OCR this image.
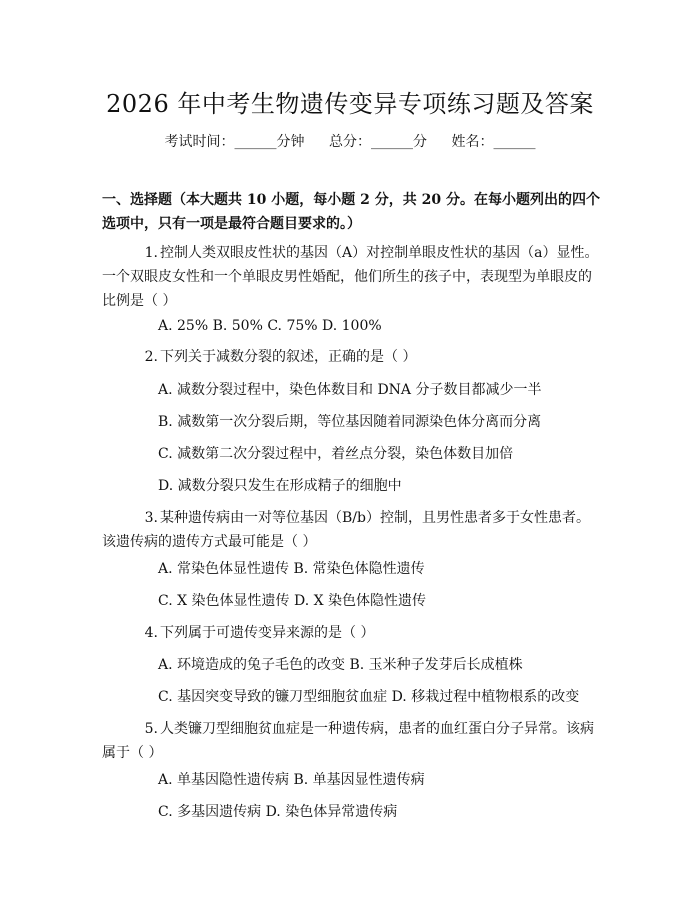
2026 年中考生物遗传变异专项练习题及答案
考试时间：______分钟 总分：______分 姓名：______
一、选择题（本大题共 10 小题，每小题 2 分，共 20 分。在每小题列出的四个选项中，只有一项是最符合题目要求的。）
1. 控制人类双眼皮性状的基因（A）对控制单眼皮性状的基因（a）显性。一个双眼皮女性和一个单眼皮男性婚配，他们所生的孩子中，表现型为单眼皮的比例是（ ）
A. 25% B. 50% C. 75% D. 100%
2. 下列关于减数分裂的叙述，正确的是（ ）
A. 减数分裂过程中，染色体数目和 DNA 分子数目都减少一半
B. 减数第一次分裂后期，等位基因随着同源染色体分离而分离
C. 减数第二次分裂过程中，着丝点分裂，染色体数目加倍
D. 减数分裂只发生在形成精子的细胞中
3. 某种遗传病由一对等位基因（B/b）控制，且男性患者多于女性患者。该遗传病的遗传方式最可能是（ ）
A. 常染色体显性遗传 B. 常染色体隐性遗传
C. X 染色体显性遗传 D. X 染色体隐性遗传
4. 下列属于可遗传变异来源的是（ ）
A. 环境造成的兔子毛色的改变 B. 玉米种子发芽后长成植株
C. 基因突变导致的镰刀型细胞贫血症 D. 移栽过程中植物根系的改变
5. 人类镰刀型细胞贫血症是一种遗传病，患者的血红蛋白分子异常。该病属于（ ）
A. 单基因隐性遗传病 B. 单基因显性遗传病
C. 多基因遗传病 D. 染色体异常遗传病
